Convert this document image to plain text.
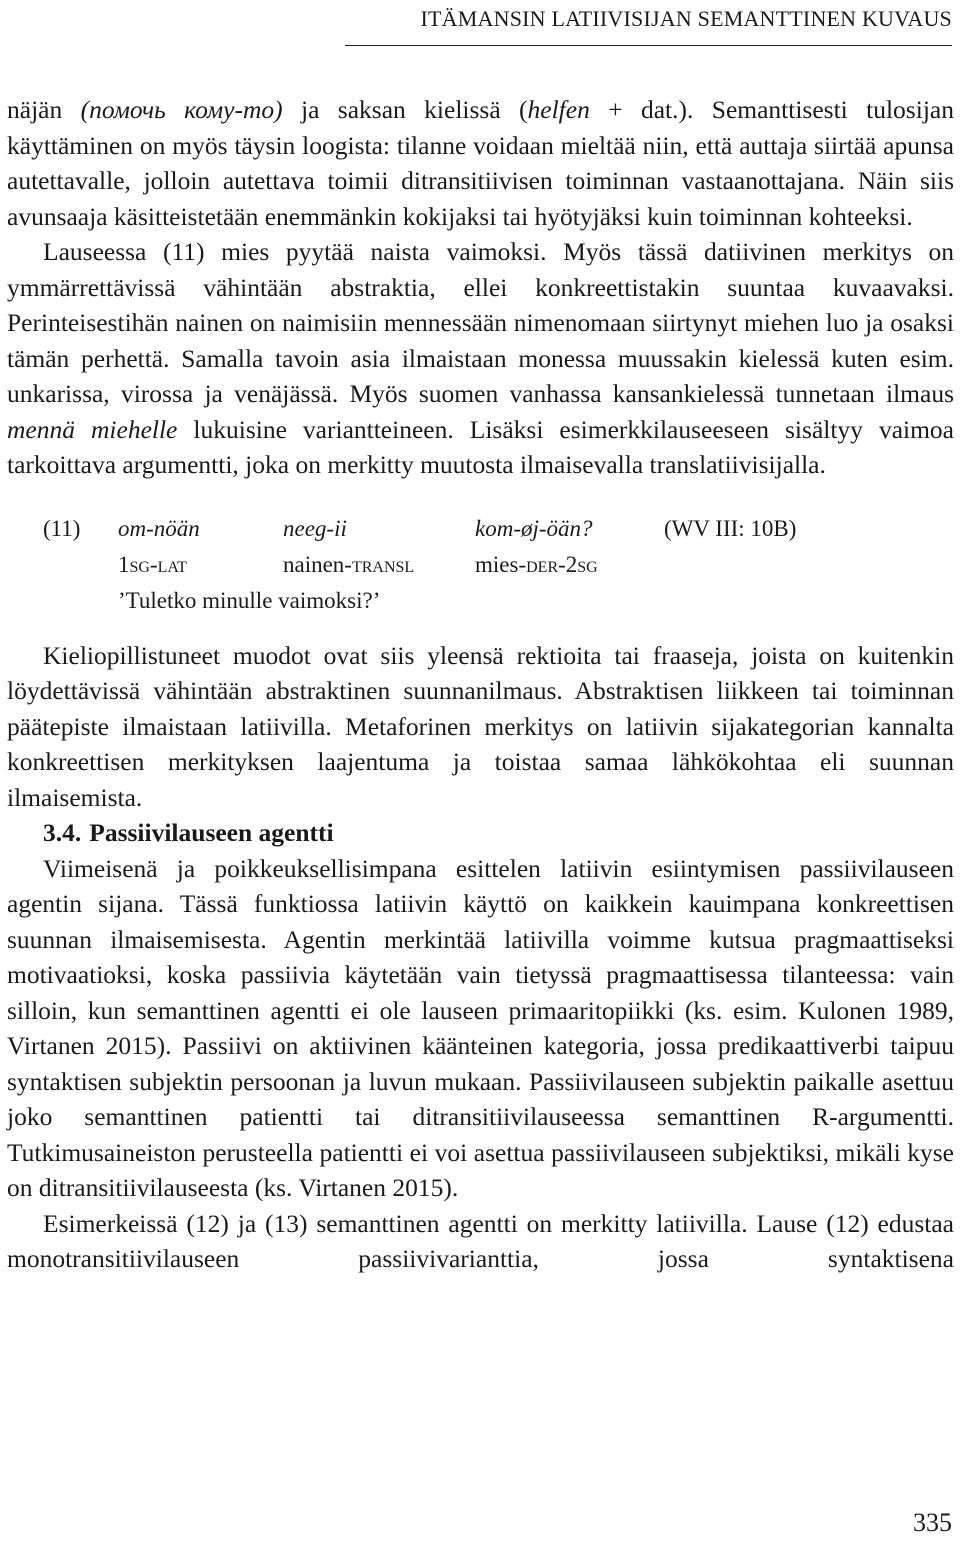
ITÄMANSIN LATIIVISIJAN SEMANTTINEN KUVAUS

näjän (помочь кому-то) ja saksan kielissä (helfen + dat.). Semanttisesti tulosijan käyttäminen on myös täysin loogista: tilanne voidaan mieltää niin, että auttaja siirtää apunsa autettavalle, jolloin autettava toimii ditransitiivisen toiminnan vastaanottajana. Näin siis avunsaaja käsitteistetään enemmänkin kokijaksi tai hyötyjäksi kuin toiminnan kohteeksi.

Lauseessa (11) mies pyytää naista vaimoksi. Myös tässä datiivinen merkitys on ymmärrettävissä vähintään abstraktia, ellei konkreettistakin suuntaa kuvaavaksi. Perinteisestihän nainen on naimisiin mennessään nimenomaan siirtynyt miehen luo ja osaksi tämän perhettä. Samalla tavoin asia ilmaistaan monessa muussakin kielessä kuten esim. unkarissa, virossa ja venäjässä. Myös suomen vanhassa kansankielessä tunnetaan ilmaus mennä miehelle lukuisine variantteineen. Lisäksi esimerkkilauseeseen sisältyy vaimoa tarkoittava argumentti, joka on merkitty muutosta ilmaisevalla translatiivisijalla.

(11) om-nöän	neeg-ii	kom-øj-öän?	(WV III: 10B)
1sg-lat	nainen-transl	mies-der-2sg
’Tuletko minulle vaimoksi?’

Kieliopillistuneet muodot ovat siis yleensä rektioita tai fraaseja, joista on kuitenkin löydettävissä vähintään abstraktinen suunnanilmaus. Abstraktisen liikkeen tai toiminnan päätepiste ilmaistaan latiivilla. Metaforinen merkitys on latiivin sijakategorian kannalta konkreettisen merkityksen laajentuma ja toistaa samaa lähkökohtaa eli suunnan ilmaisemista.

3.4. Passiivilauseen agentti

Viimeisenä ja poikkeuksellisimpana esittelen latiivin esiintymisen passiivilauseen agentin sijana. Tässä funktiossa latiivin käyttö on kaikkein kauimpana konkreettisen suunnan ilmaisemisesta. Agentin merkintää latiivilla voimme kutsua pragmaattiseksi motivaatioksi, koska passiivia käytetään vain tietyssä pragmaattisessa tilanteessa: vain silloin, kun semanttinen agentti ei ole lauseen primaaritopiikki (ks. esim. Kulonen 1989, Virtanen 2015). Passiivi on aktiivinen käänteinen kategoria, jossa predikaattiverbi taipuu syntaktisen subjektin persoonan ja luvun mukaan. Passiivilauseen subjektin paikalle asettuu joko semanttinen patientti tai ditransitiivilauseessa semanttinen R-argumentti. Tutkimusaineiston perusteella patientti ei voi asettua passiivilauseen subjektiksi, mikäli kyse on ditransitiivilauseesta (ks. Virtanen 2015).

Esimerkeissä (12) ja (13) semanttinen agentti on merkitty latiivilla. Lause (12) edustaa monotransitiivilauseen passiivivarianttia, jossa syntaktisena

335
